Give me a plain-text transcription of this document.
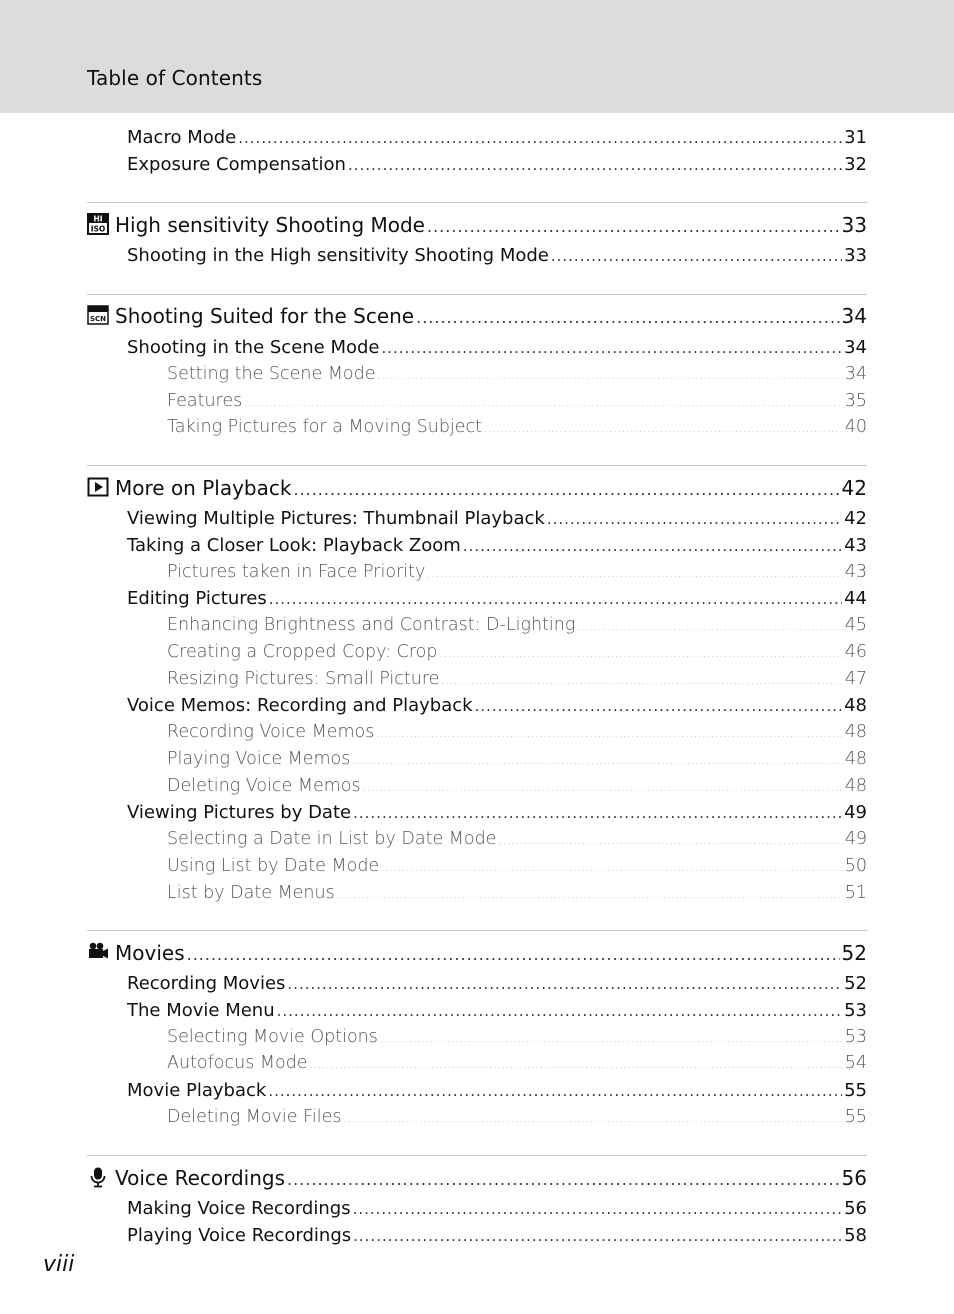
Table of Contents
Macro Mode .....	31
Exposure Compensation .....	32
HI
ISO High sensitivity Shooting Mode .....	33
Shooting in the High sensitivity Shooting Mode .....	33
SCN Shooting Suited for the Scene .....	34
Shooting in the Scene Mode .....	34
Setting the Scene Mode .....	34
Features .....	35
Taking Pictures for a Moving Subject .....	40
More on Playback .....	42
Viewing Multiple Pictures: Thumbnail Playback .....	42
Taking a Closer Look: Playback Zoom .....	43
Pictures taken in Face Priority .....	43
Editing Pictures .....	44
Enhancing Brightness and Contrast: D-Lighting .....	45
Creating a Cropped Copy: Crop .....	46
Resizing Pictures: Small Picture .....	47
Voice Memos: Recording and Playback .....	48
Recording Voice Memos .....	48
Playing Voice Memos .....	48
Deleting Voice Memos .....	48
Viewing Pictures by Date .....	49
Selecting a Date in List by Date Mode .....	49
Using List by Date Mode .....	50
List by Date Menus .....	51
Movies .....	52
Recording Movies .....	52
The Movie Menu .....	53
Selecting Movie Options .....	53
Autofocus Mode .....	54
Movie Playback .....	55
Deleting Movie Files .....	55
Voice Recordings .....	56
Making Voice Recordings .....	56
Playing Voice Recordings .....	58
viii
